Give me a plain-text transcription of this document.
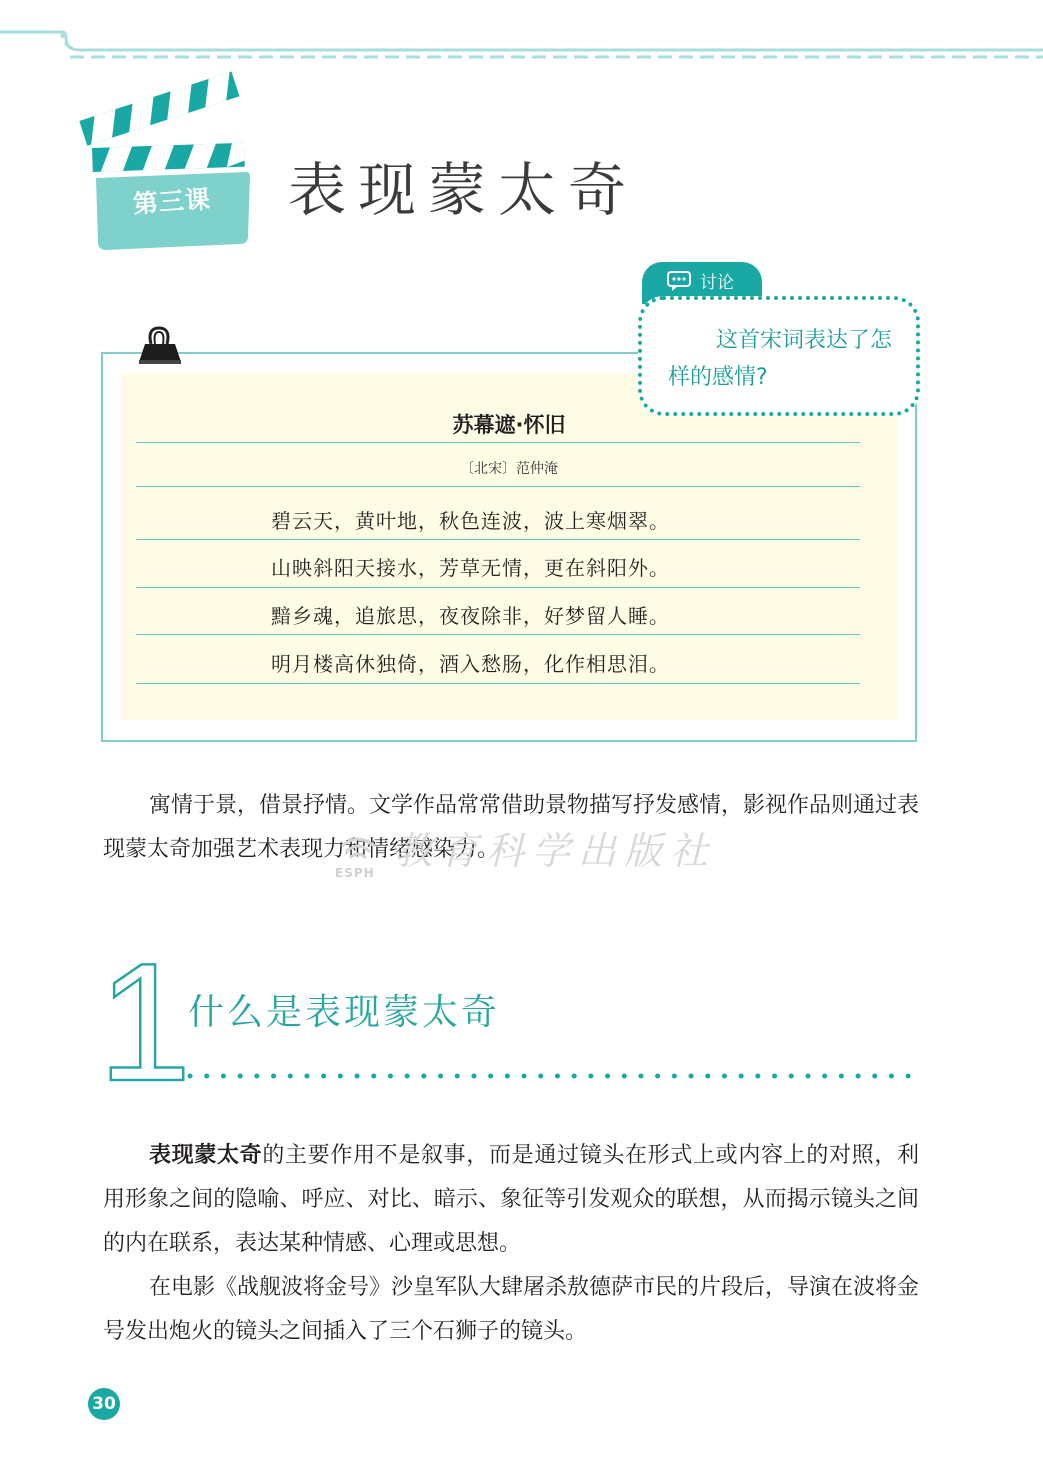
第三课	表现蒙太奇
苏幕遮·怀旧
〔北宋〕范仲淹
碧云天，黄叶地，秋色连波，波上寒烟翠。
山映斜阳天接水，芳草无情，更在斜阳外。
黯乡魂，追旅思，夜夜除非，好梦留人睡。
明月楼高休独倚，酒入愁肠，化作相思泪。
讨论
这首宋词表达了怎样的感情?
寓情于景，借景抒情。文学作品常常借助景物描写抒发感情，影视作品则通过表现蒙太奇加强艺术表现力和情绪感染力。
教育科学出版社
ESPH
1
什么是表现蒙太奇
表现蒙太奇的主要作用不是叙事，而是通过镜头在形式上或内容上的对照，利用形象之间的隐喻、呼应、对比、暗示、象征等引发观众的联想，从而揭示镜头之间的内在联系，表达某种情感、心理或思想。
在电影《战舰波将金号》沙皇军队大肆屠杀敖德萨市民的片段后，导演在波将金号发出炮火的镜头之间插入了三个石狮子的镜头。
30
